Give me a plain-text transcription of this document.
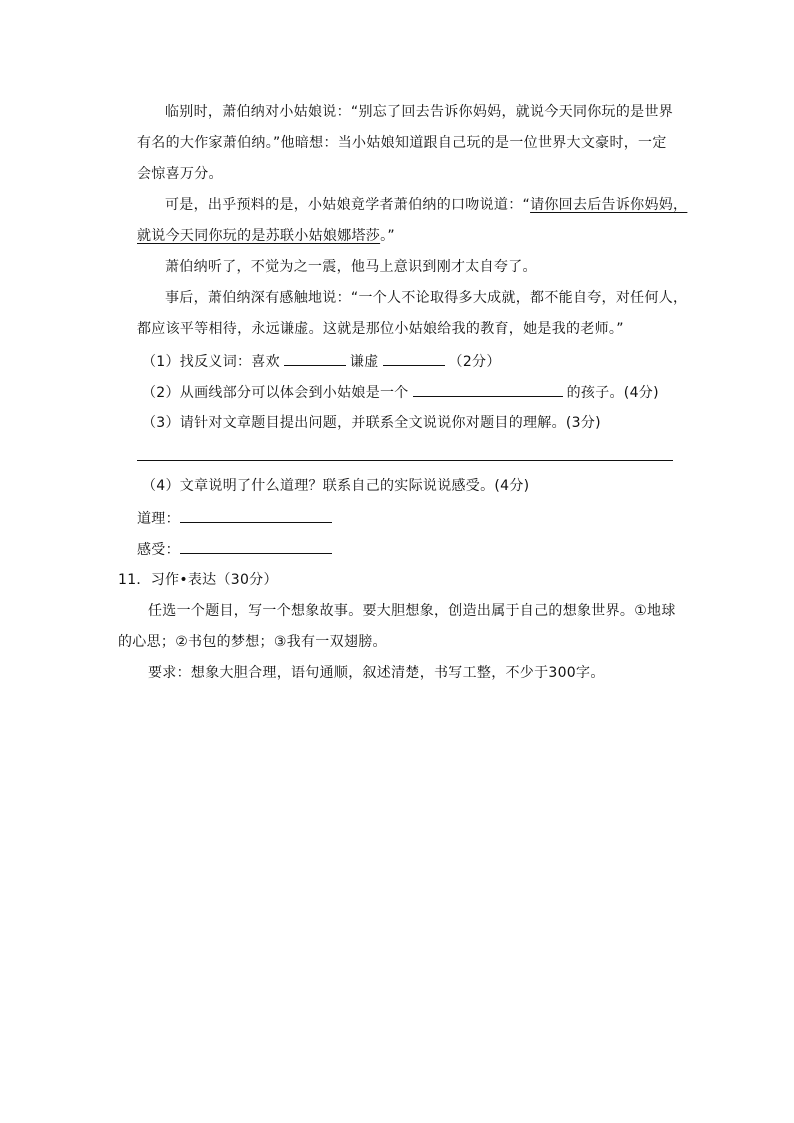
临别时，萧伯纳对小姑娘说：“别忘了回去告诉你妈妈，就说今天同你玩的是世界
有名的大作家萧伯纳。”他暗想：当小姑娘知道跟自己玩的是一位世界大文豪时，一定
会惊喜万分。
可是，出乎预料的是，小姑娘竟学者萧伯纳的口吻说道：“请你回去后告诉你妈妈，
就说今天同你玩的是苏联小姑娘娜塔莎。”
萧伯纳听了，不觉为之一震，他马上意识到刚才太自夸了。
事后，萧伯纳深有感触地说：“一个人不论取得多大成就，都不能自夸，对任何人，
都应该平等相待，永远谦虚。这就是那位小姑娘给我的教育，她是我的老师。”
（1）找反义词：喜欢	谦虚	（2分）
（2）从画线部分可以体会到小姑娘是一个	的孩子。(4分)
（3）请针对文章题目提出问题，并联系全文说说你对题目的理解。(3分)
（4）文章说明了什么道理？联系自己的实际说说感受。(4分)
道理：
感受：
11．习作•表达（30分）
任选一个题目，写一个想象故事。要大胆想象，创造出属于自己的想象世界。①地球
的心思；②书包的梦想；③我有一双翅膀。
要求：想象大胆合理，语句通顺，叙述清楚，书写工整，不少于300字。
